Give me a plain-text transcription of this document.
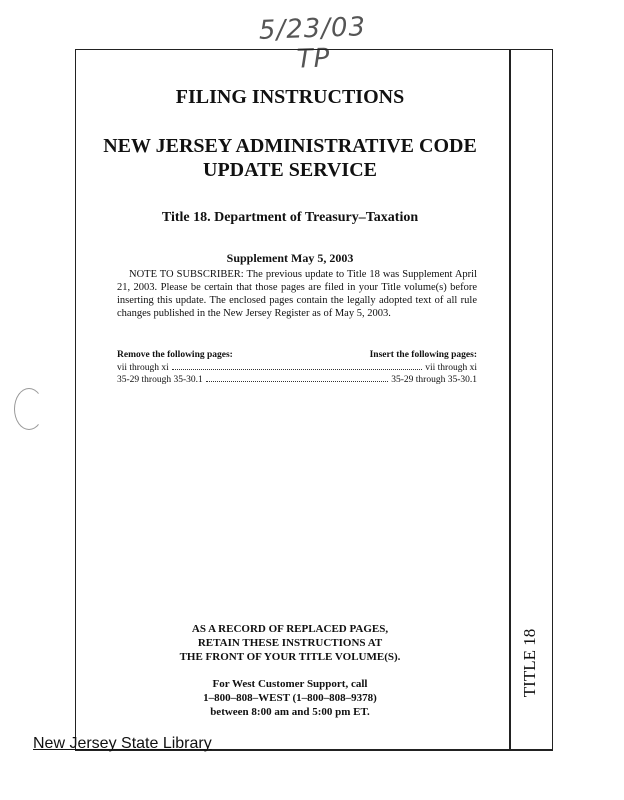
5/23/03 TP
FILING INSTRUCTIONS
NEW JERSEY ADMINISTRATIVE CODE
UPDATE SERVICE
Title 18. Department of Treasury–Taxation
Supplement May 5, 2003
NOTE TO SUBSCRIBER: The previous update to Title 18 was Supplement April 21, 2003. Please be certain that those pages are filed in your Title volume(s) before inserting this update. The enclosed pages contain the legally adopted text of all rule changes published in the New Jersey Register as of May 5, 2003.
Remove the following pages:	Insert the following pages:
vii through xi	vii through xi
35-29 through 35-30.1	35-29 through 35-30.1
AS A RECORD OF REPLACED PAGES,
RETAIN THESE INSTRUCTIONS AT
THE FRONT OF YOUR TITLE VOLUME(S).
For West Customer Support, call
1–800–808–WEST (1–800–808–9378)
between 8:00 am and 5:00 pm ET.
TITLE 18
New Jersey State Library
